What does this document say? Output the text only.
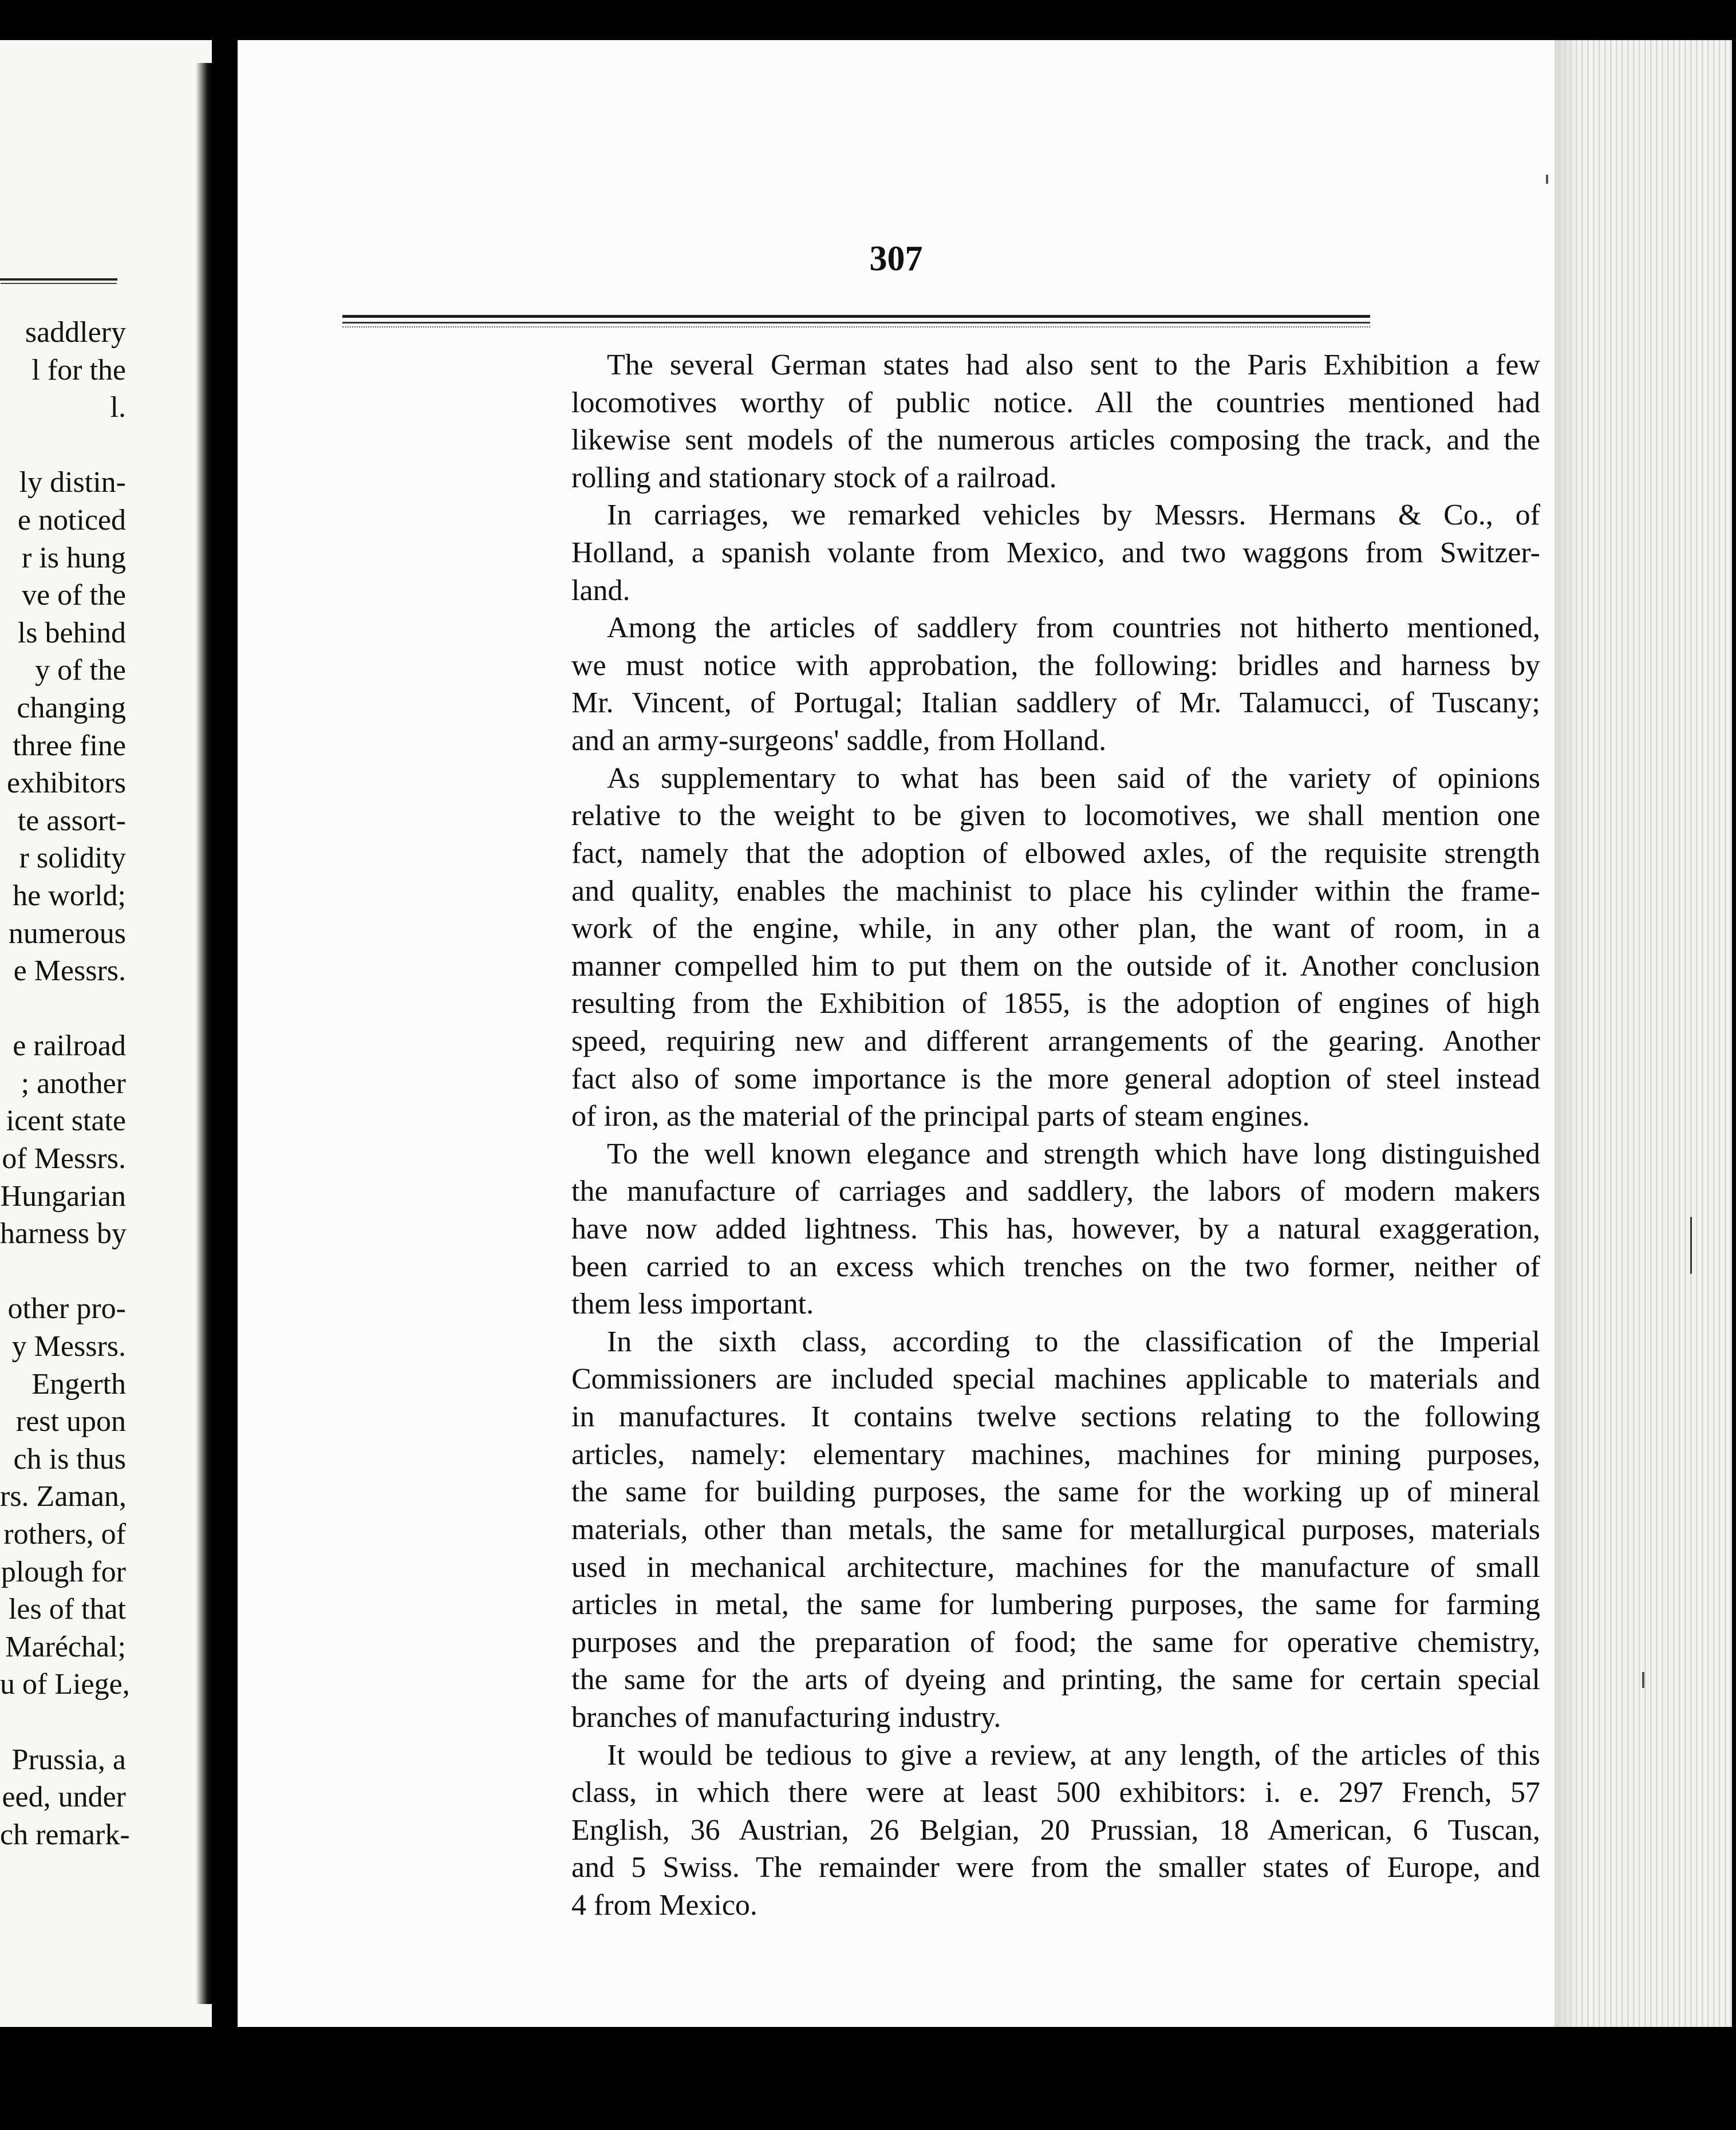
saddlery
l for the
l.
ly distin-
e noticed
r is hung
ve of the
ls behind
y of the
changing
three fine
exhibitors
te assort-
r solidity
he world;
numerous
e Messrs.
e railroad
; another
icent state
of Messrs.
Hungarian
harness by
other pro-
y Messrs.
Engerth
rest upon
ch is thus
rs. Zaman,
rothers, of
plough for
les of that
Maréchal;
u of Liege,
Prussia, a
eed, under
ch remark-
307
The several German states had also sent to the Paris Exhibition a few
locomotives worthy of public notice. All the countries mentioned had
likewise sent models of the numerous articles composing the track, and the
rolling and stationary stock of a railroad.
In carriages, we remarked vehicles by Messrs. Hermans & Co., of
Holland, a spanish volante from Mexico, and two waggons from Switzer-
land.
Among the articles of saddlery from countries not hitherto mentioned,
we must notice with approbation, the following: bridles and harness by
Mr. Vincent, of Portugal; Italian saddlery of Mr. Talamucci, of Tuscany;
and an army-surgeons' saddle, from Holland.
As supplementary to what has been said of the variety of opinions
relative to the weight to be given to locomotives, we shall mention one
fact, namely that the adoption of elbowed axles, of the requisite strength
and quality, enables the machinist to place his cylinder within the frame-
work of the engine, while, in any other plan, the want of room, in a
manner compelled him to put them on the outside of it. Another conclusion
resulting from the Exhibition of 1855, is the adoption of engines of high
speed, requiring new and different arrangements of the gearing. Another
fact also of some importance is the more general adoption of steel instead
of iron, as the material of the principal parts of steam engines.
To the well known elegance and strength which have long distinguished
the manufacture of carriages and saddlery, the labors of modern makers
have now added lightness. This has, however, by a natural exaggeration,
been carried to an excess which trenches on the two former, neither of
them less important.
In the sixth class, according to the classification of the Imperial
Commissioners are included special machines applicable to materials and
in manufactures. It contains twelve sections relating to the following
articles, namely: elementary machines, machines for mining purposes,
the same for building purposes, the same for the working up of mineral
materials, other than metals, the same for metallurgical purposes, materials
used in mechanical architecture, machines for the manufacture of small
articles in metal, the same for lumbering purposes, the same for farming
purposes and the preparation of food; the same for operative chemistry,
the same for the arts of dyeing and printing, the same for certain special
branches of manufacturing industry.
It would be tedious to give a review, at any length, of the articles of this
class, in which there were at least 500 exhibitors: i. e. 297 French, 57
English, 36 Austrian, 26 Belgian, 20 Prussian, 18 American, 6 Tuscan,
and 5 Swiss. The remainder were from the smaller states of Europe, and
4 from Mexico.
